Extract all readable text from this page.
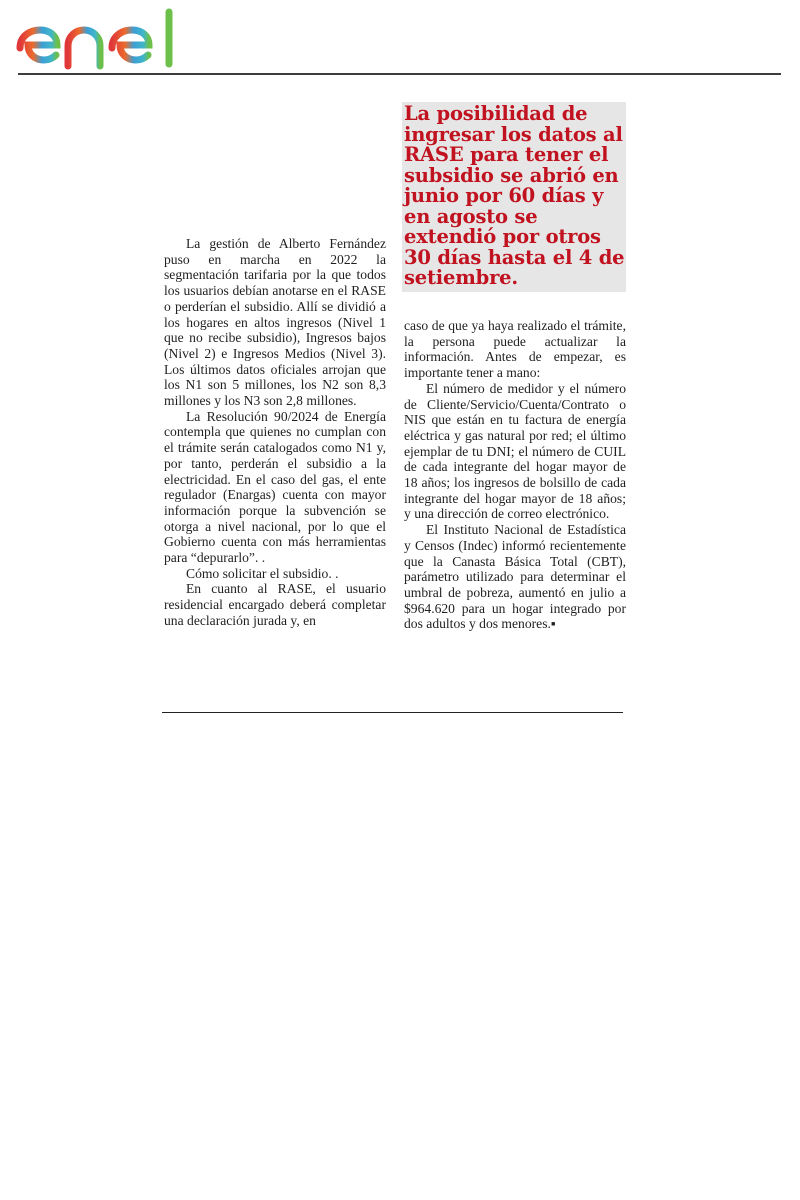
La posibilidad de ingresar los datos al RASE para tener el subsidio se abrió en junio por 60 días y en agosto se extendió por otros 30 días hasta el 4 de setiembre.

La gestión de Alberto Fernández puso en marcha en 2022 la segmentación tarifaria por la que todos los usuarios debían anotarse en el RASE o perderían el subsidio. Allí se dividió a los hogares en altos ingresos (Nivel 1 que no recibe subsidio), Ingresos bajos (Nivel 2) e Ingresos Medios (Nivel 3). Los últimos datos oficiales arrojan que los N1 son 5 millones, los N2 son 8,3 millones y los N3 son 2,8 millones.

La Resolución 90/2024 de Energía contempla que quienes no cumplan con el trámite serán catalogados como N1 y, por tanto, perderán el subsidio a la electricidad. En el caso del gas, el ente regulador (Enargas) cuenta con mayor información porque la subvención se otorga a nivel nacional, por lo que el Gobierno cuenta con más herramientas para “depurarlo”. .

Cómo solicitar el subsidio. .

En cuanto al RASE, el usuario residencial encargado deberá completar una declaración jurada y, en

caso de que ya haya realizado el trámite, la persona puede actualizar la información. Antes de empezar, es importante tener a mano:

El número de medidor y el número de Cliente/Servicio/Cuenta/Contrato o NIS que están en tu factura de energía eléctrica y gas natural por red; el último ejemplar de tu DNI; el número de CUIL de cada integrante del hogar mayor de 18 años; los ingresos de bolsillo de cada integrante del hogar mayor de 18 años; y una dirección de correo electrónico.

El Instituto Nacional de Estadística y Censos (Indec) informó recientemente que la Canasta Básica Total (CBT), parámetro utilizado para determinar el umbral de pobreza, aumentó en julio a $964.620 para un hogar integrado por dos adultos y dos menores.▪
